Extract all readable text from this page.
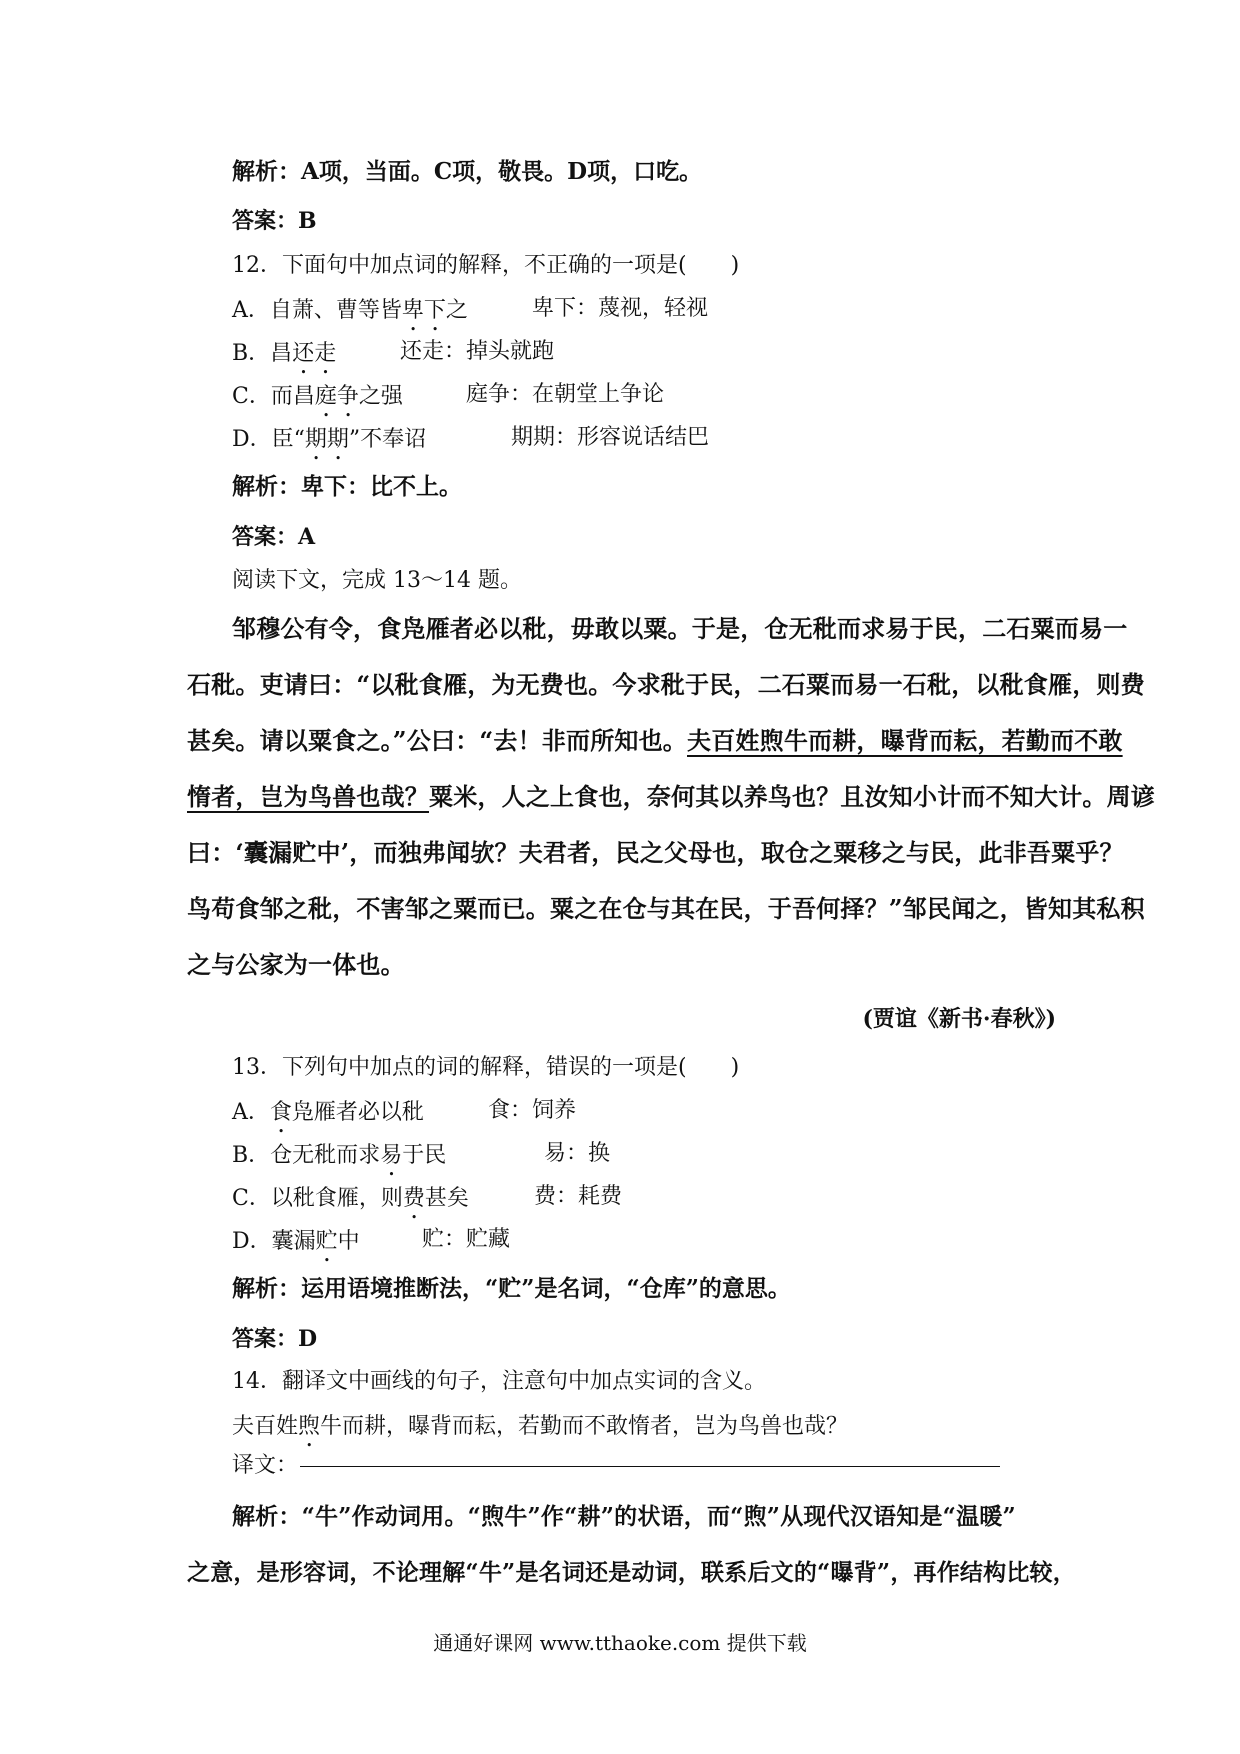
解析：A项，当面。C项，敬畏。D项，口吃。
答案：B
12．下面句中加点词的解释，不正确的一项是(　　)
A．自萧、曹等皆卑下之	卑下：蔑视，轻视
B．昌还走	还走：掉头就跑
C．而昌庭争之强	庭争：在朝堂上争论
D．臣“期期”不奉诏	期期：形容说话结巴
解析：卑下：比不上。
答案：A
阅读下文，完成 13～14 题。
邹穆公有令，食凫雁者必以秕，毋敢以粟。于是，仓无秕而求易于民，二石粟而易一
石秕。吏请曰：“以秕食雁，为无费也。今求秕于民，二石粟而易一石秕，以秕食雁，则费
甚矣。请以粟食之。”公曰：“去！非而所知也。夫百姓煦牛而耕，曝背而耘，若勤而不敢
惰者，岂为鸟兽也哉？粟米，人之上食也，奈何其以养鸟也？且汝知小计而不知大计。周谚
曰：‘囊漏贮中’，而独弗闻欤？夫君者，民之父母也，取仓之粟移之与民，此非吾粟乎？
鸟苟食邹之秕，不害邹之粟而已。粟之在仓与其在民，于吾何择？”邹民闻之，皆知其私积
之与公家为一体也。
(贾谊《新书·春秋》)
13．下列句中加点的词的解释，错误的一项是(　　)
A．食凫雁者必以秕	食：饲养
B．仓无秕而求易于民	易：换
C．以秕食雁，则费甚矣	费：耗费
D．囊漏贮中	贮：贮藏
解析：运用语境推断法，“贮”是名词，“仓库”的意思。
答案：D
14．翻译文中画线的句子，注意句中加点实词的含义。
夫百姓煦牛而耕，曝背而耘，若勤而不敢惰者，岂为鸟兽也哉？
译文：
解析：“牛”作动词用。“煦牛”作“耕”的状语，而“煦”从现代汉语知是“温暖”
之意，是形容词，不论理解“牛”是名词还是动词，联系后文的“曝背”，再作结构比较，
通通好课网 www.tthaoke.com 提供下载
